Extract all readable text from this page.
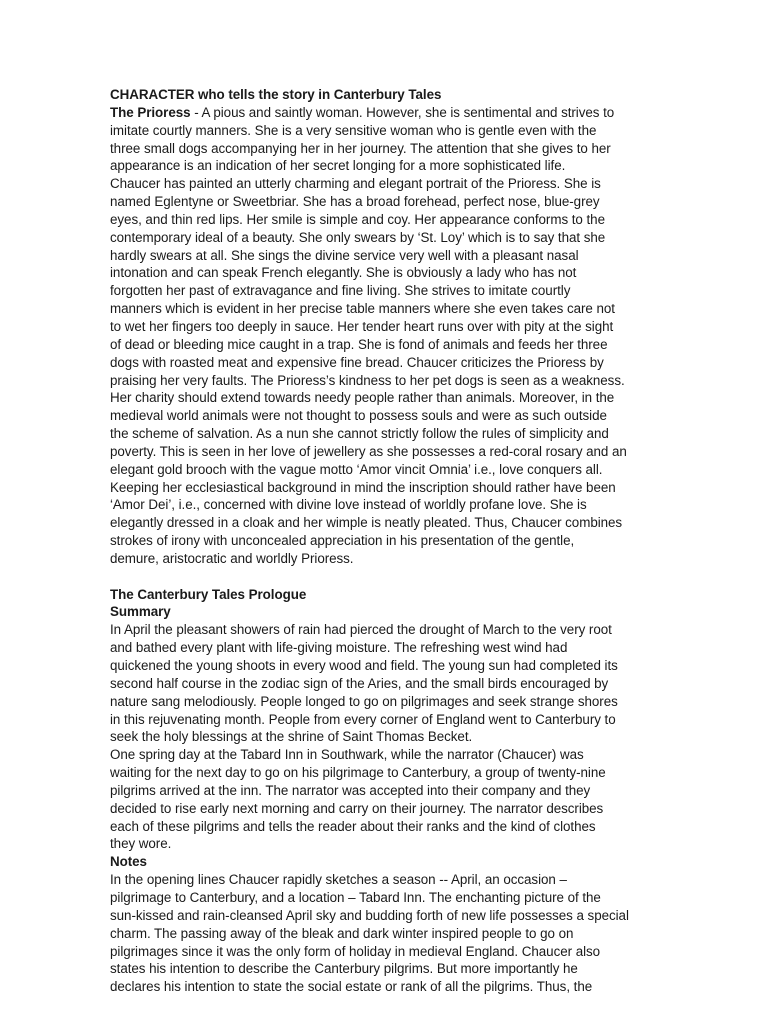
CHARACTER who tells the story in Canterbury Tales
The Prioress - A pious and saintly woman. However, she is sentimental and strives to
imitate courtly manners. She is a very sensitive woman who is gentle even with the
three small dogs accompanying her in her journey. The attention that she gives to her
appearance is an indication of her secret longing for a more sophisticated life.
Chaucer has painted an utterly charming and elegant portrait of the Prioress. She is
named Eglentyne or Sweetbriar. She has a broad forehead, perfect nose, blue-grey
eyes, and thin red lips. Her smile is simple and coy. Her appearance conforms to the
contemporary ideal of a beauty. She only swears by ‘St. Loy’ which is to say that she
hardly swears at all. She sings the divine service very well with a pleasant nasal
intonation and can speak French elegantly. She is obviously a lady who has not
forgotten her past of extravagance and fine living. She strives to imitate courtly
manners which is evident in her precise table manners where she even takes care not
to wet her fingers too deeply in sauce. Her tender heart runs over with pity at the sight
of dead or bleeding mice caught in a trap. She is fond of animals and feeds her three
dogs with roasted meat and expensive fine bread. Chaucer criticizes the Prioress by
praising her very faults. The Prioress’s kindness to her pet dogs is seen as a weakness.
Her charity should extend towards needy people rather than animals. Moreover, in the
medieval world animals were not thought to possess souls and were as such outside
the scheme of salvation. As a nun she cannot strictly follow the rules of simplicity and
poverty. This is seen in her love of jewellery as she possesses a red-coral rosary and an
elegant gold brooch with the vague motto ‘Amor vincit Omnia’ i.e., love conquers all.
Keeping her ecclesiastical background in mind the inscription should rather have been
‘Amor Dei’, i.e., concerned with divine love instead of worldly profane love. She is
elegantly dressed in a cloak and her wimple is neatly pleated. Thus, Chaucer combines
strokes of irony with unconcealed appreciation in his presentation of the gentle,
demure, aristocratic and worldly Prioress.
The Canterbury Tales Prologue
Summary
In April the pleasant showers of rain had pierced the drought of March to the very root
and bathed every plant with life-giving moisture. The refreshing west wind had
quickened the young shoots in every wood and field. The young sun had completed its
second half course in the zodiac sign of the Aries, and the small birds encouraged by
nature sang melodiously. People longed to go on pilgrimages and seek strange shores
in this rejuvenating month. People from every corner of England went to Canterbury to
seek the holy blessings at the shrine of Saint Thomas Becket.
One spring day at the Tabard Inn in Southwark, while the narrator (Chaucer) was
waiting for the next day to go on his pilgrimage to Canterbury, a group of twenty-nine
pilgrims arrived at the inn. The narrator was accepted into their company and they
decided to rise early next morning and carry on their journey. The narrator describes
each of these pilgrims and tells the reader about their ranks and the kind of clothes
they wore.
Notes
In the opening lines Chaucer rapidly sketches a season -- April, an occasion –
pilgrimage to Canterbury, and a location – Tabard Inn. The enchanting picture of the
sun-kissed and rain-cleansed April sky and budding forth of new life possesses a special
charm. The passing away of the bleak and dark winter inspired people to go on
pilgrimages since it was the only form of holiday in medieval England. Chaucer also
states his intention to describe the Canterbury pilgrims. But more importantly he
declares his intention to state the social estate or rank of all the pilgrims. Thus, the
